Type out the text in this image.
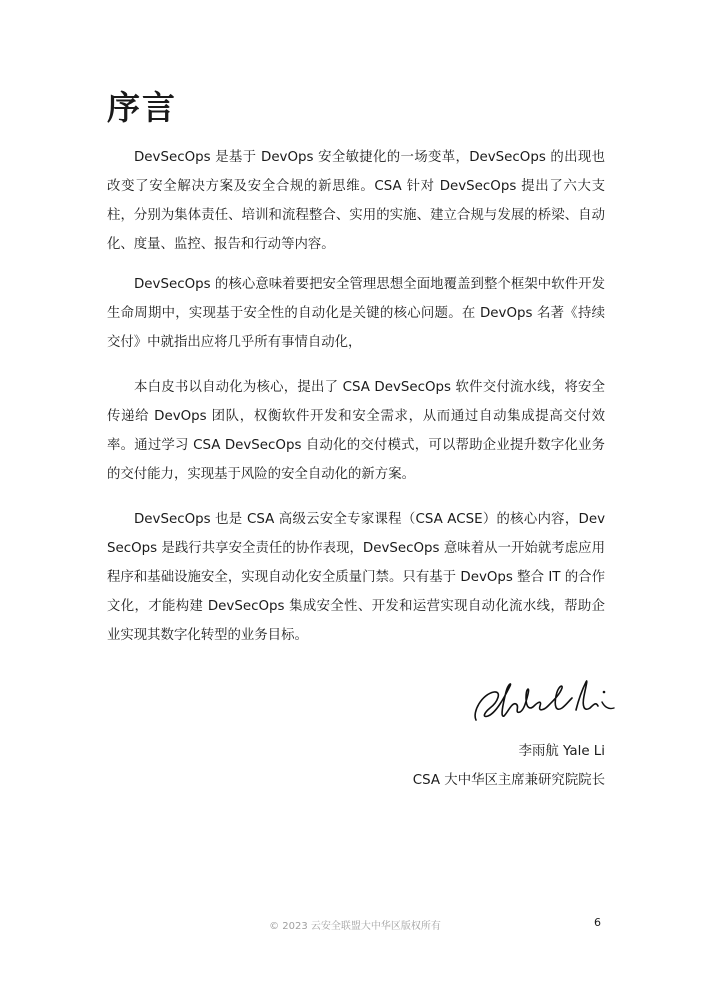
序言

DevSecOps 是基于 DevOps 安全敏捷化的一场变革，DevSecOps 的出现也改变了安全解决方案及安全合规的新思维。CSA 针对 DevSecOps 提出了六大支柱，分别为集体责任、培训和流程整合、实用的实施、建立合规与发展的桥梁、自动化、度量、监控、报告和行动等内容。

DevSecOps 的核心意味着要把安全管理思想全面地覆盖到整个框架中软件开发生命周期中，实现基于安全性的自动化是关键的核心问题。在 DevOps 名著《持续交付》中就指出应将几乎所有事情自动化，

本白皮书以自动化为核心，提出了 CSA DevSecOps 软件交付流水线，将安全传递给 DevOps 团队，权衡软件开发和安全需求，从而通过自动集成提高交付效率。通过学习 CSA DevSecOps 自动化的交付模式，可以帮助企业提升数字化业务的交付能力，实现基于风险的安全自动化的新方案。

DevSecOps 也是 CSA 高级云安全专家课程（CSA ACSE）的核心内容，DevSecOps 是践行共享安全责任的协作表现，DevSecOps 意味着从一开始就考虑应用程序和基础设施安全，实现自动化安全质量门禁。只有基于 DevOps 整合 IT 的合作文化，才能构建 DevSecOps 集成安全性、开发和运营实现自动化流水线，帮助企业实现其数字化转型的业务目标。

李雨航 Yale Li

CSA 大中华区主席兼研究院院长

© 2023 云安全联盟大中华区版权所有	6
